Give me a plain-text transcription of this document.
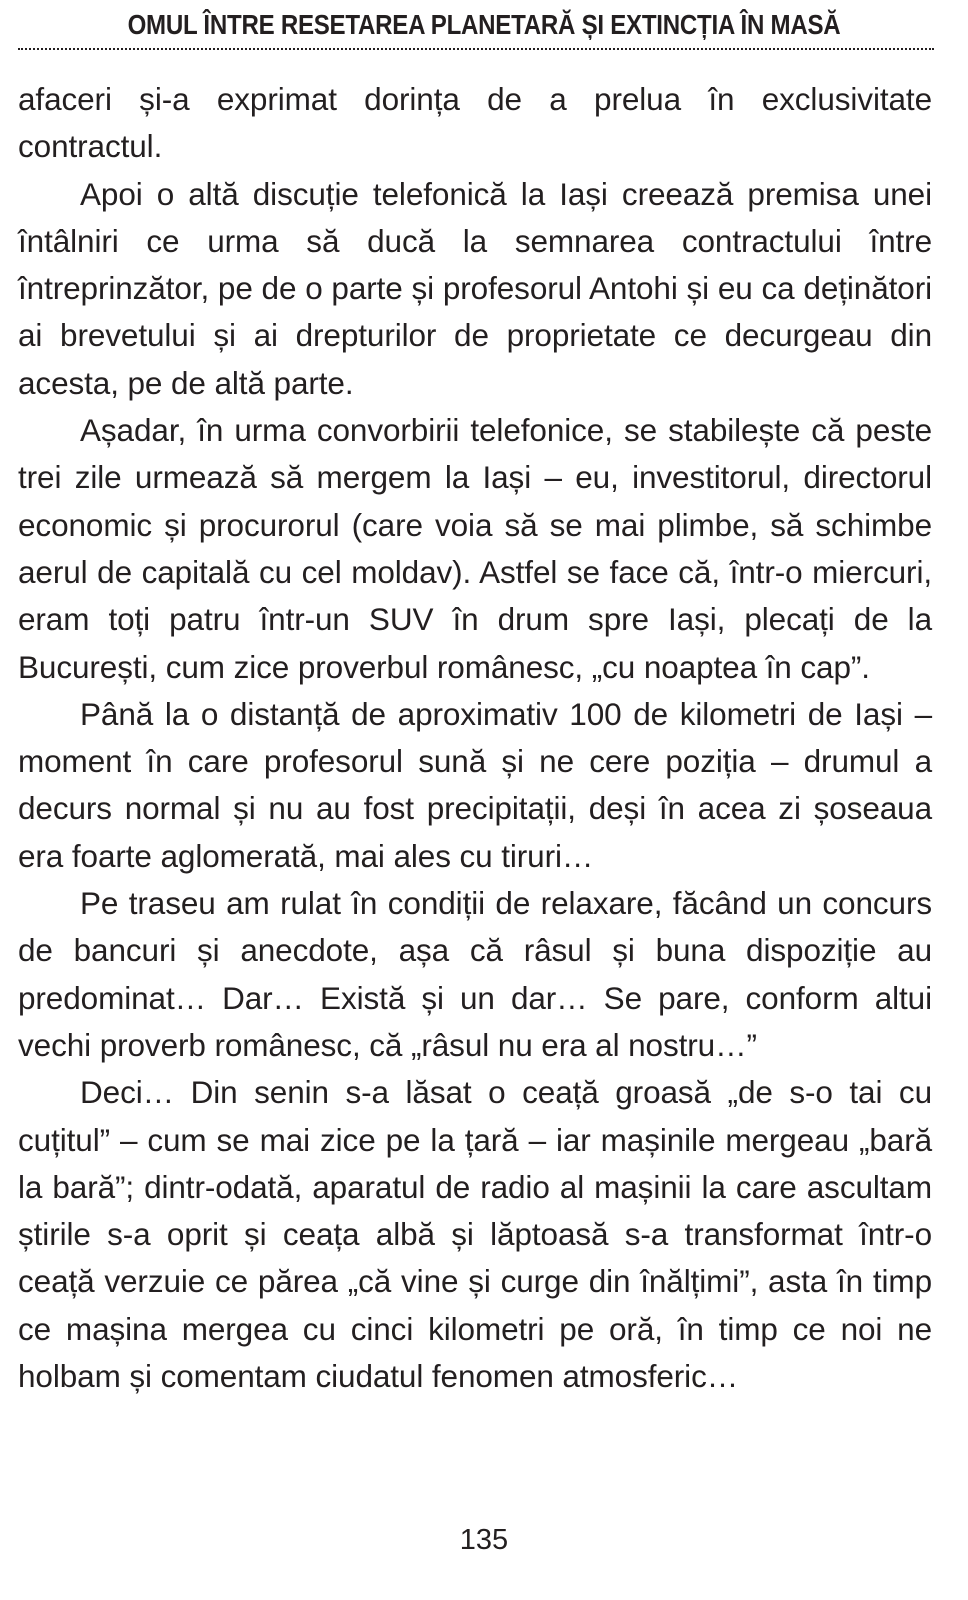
OMUL ÎNTRE RESETAREA PLANETARĂ ȘI EXTINCȚIA ÎN MASĂ

afaceri și-a exprimat dorința de a prelua în exclusivitate contractul.

Apoi o altă discuție telefonică la Iași creează premisa unei întâlniri ce urma să ducă la semnarea contractului între întreprinzător, pe de o parte și profesorul Antohi și eu ca deținători ai brevetului și ai drepturilor de proprietate ce decurgeau din acesta, pe de altă parte.

Așadar, în urma convorbirii telefonice, se stabilește că peste trei zile urmează să mergem la Iași – eu, investitorul, directorul economic și procurorul (care voia să se mai plimbe, să schimbe aerul de capitală cu cel moldav). Astfel se face că, într-o miercuri, eram toți patru într-un SUV în drum spre Iași, plecați de la București, cum zice proverbul românesc, „cu noaptea în cap”.

Până la o distanță de aproximativ 100 de kilometri de Iași – moment în care profesorul sună și ne cere poziția – drumul a decurs normal și nu au fost precipitații, deși în acea zi șoseaua era foarte aglomerată, mai ales cu tiruri…

Pe traseu am rulat în condiții de relaxare, făcând un concurs de bancuri și anecdote, așa că râsul și buna dispoziție au predominat… Dar… Există și un dar… Se pare, conform altui vechi proverb românesc, că „râsul nu era al nostru…”

Deci… Din senin s-a lăsat o ceață groasă „de s-o tai cu cuțitul” – cum se mai zice pe la țară – iar mașinile mergeau „bară la bară”; dintr-odată, aparatul de radio al mașinii la care ascultam știrile s-a oprit și ceața albă și lăptoasă s-a transformat într-o ceață verzuie ce părea „că vine și curge din înălțimi”, asta în timp ce mașina mergea cu cinci kilometri pe oră, în timp ce noi ne holbam și comentam ciudatul fenomen atmosferic…

135
